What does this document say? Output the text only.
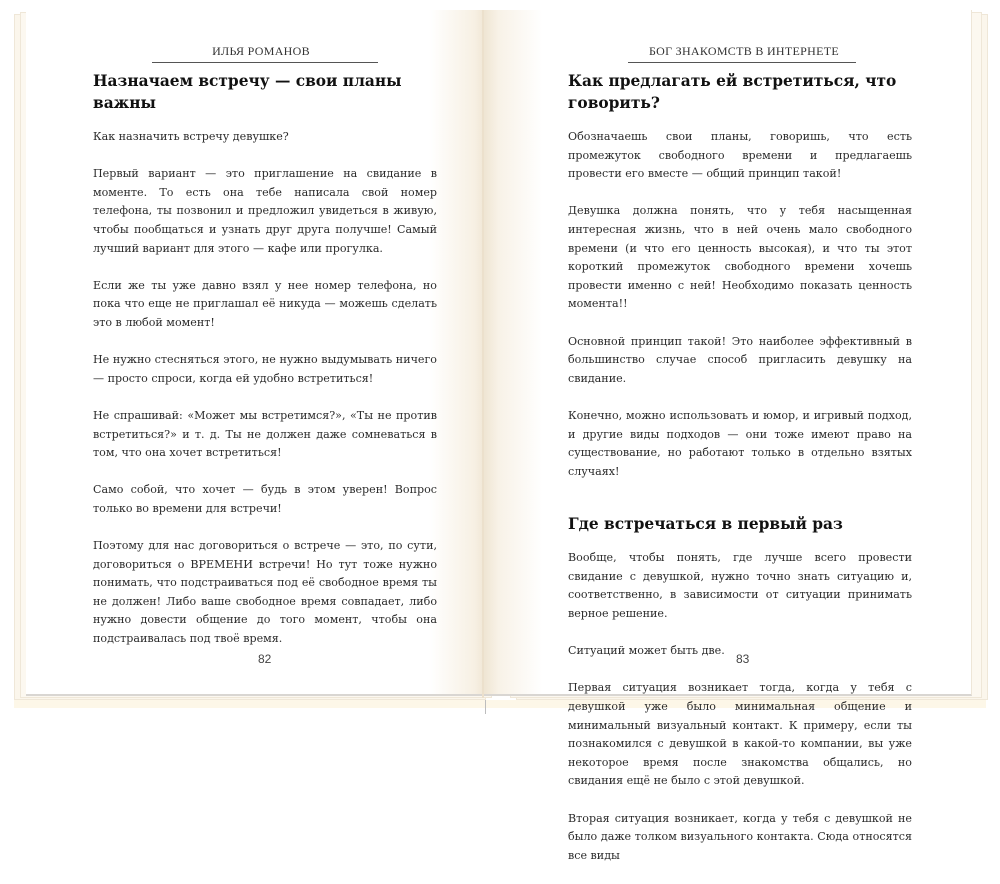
ИЛЬЯ РОМАНОВ
Назначаем встречу — свои планы важны

Как назначить встречу девушке?

Первый вариант — это приглашение на свидание в моменте. То есть она тебе написала свой номер телефона, ты позвонил и предложил увидеться в живую, чтобы пообщаться и узнать друг друга получше! Самый лучший вариант для этого — кафе или прогулка.

Если же ты уже давно взял у нее номер телефона, но пока что еще не приглашал её никуда — можешь сделать это в любой момент!

Не нужно стесняться этого, не нужно выдумывать ничего — просто спроси, когда ей удобно встретиться!

Не спрашивай: «Может мы встретимся?», «Ты не против встретиться?» и т. д. Ты не должен даже сомневаться в том, что она хочет встретиться!

Само собой, что хочет — будь в этом уверен! Вопрос только во времени для встречи!

Поэтому для нас договориться о встрече — это, по сути, договориться о ВРЕМЕНИ встречи! Но тут тоже нужно понимать, что подстраиваться под её свободное время ты не должен! Либо ваше свободное время совпадает, либо нужно довести общение до того момент, чтобы она подстраивалась под твоё время.

82
БОГ ЗНАКОМСТВ В ИНТЕРНЕТЕ
Как предлагать ей встретиться, что говорить?

Обозначаешь свои планы, говоришь, что есть промежуток свободного времени и предлагаешь провести его вместе — общий принцип такой!

Девушка должна понять, что у тебя насыщенная интересная жизнь, что в ней очень мало свободного времени (и что его ценность высокая), и что ты этот короткий промежуток свободного времени хочешь провести именно с ней! Необходимо показать ценность момента!!

Основной принцип такой! Это наиболее эффективный в большинство случае способ пригласить девушку на свидание.

Конечно, можно использовать и юмор, и игривый подход, и другие виды подходов — они тоже имеют право на существование, но работают только в отдельно взятых случаях!

Где встречаться в первый раз

Вообще, чтобы понять, где лучше всего провести свидание с девушкой, нужно точно знать ситуацию и, соответственно, в зависимости от ситуации принимать верное решение.

Ситуаций может быть две.

Первая ситуация возникает тогда, когда у тебя с девушкой уже было минимальная общение и минимальный визуальный контакт. К примеру, если ты познакомился с девушкой в какой-то компании, вы уже некоторое время после знакомства общались, но свидания ещё не было с этой девушкой.

Вторая ситуация возникает, когда у тебя с девушкой не было даже толком визуального контакта. Сюда относятся все виды

83
